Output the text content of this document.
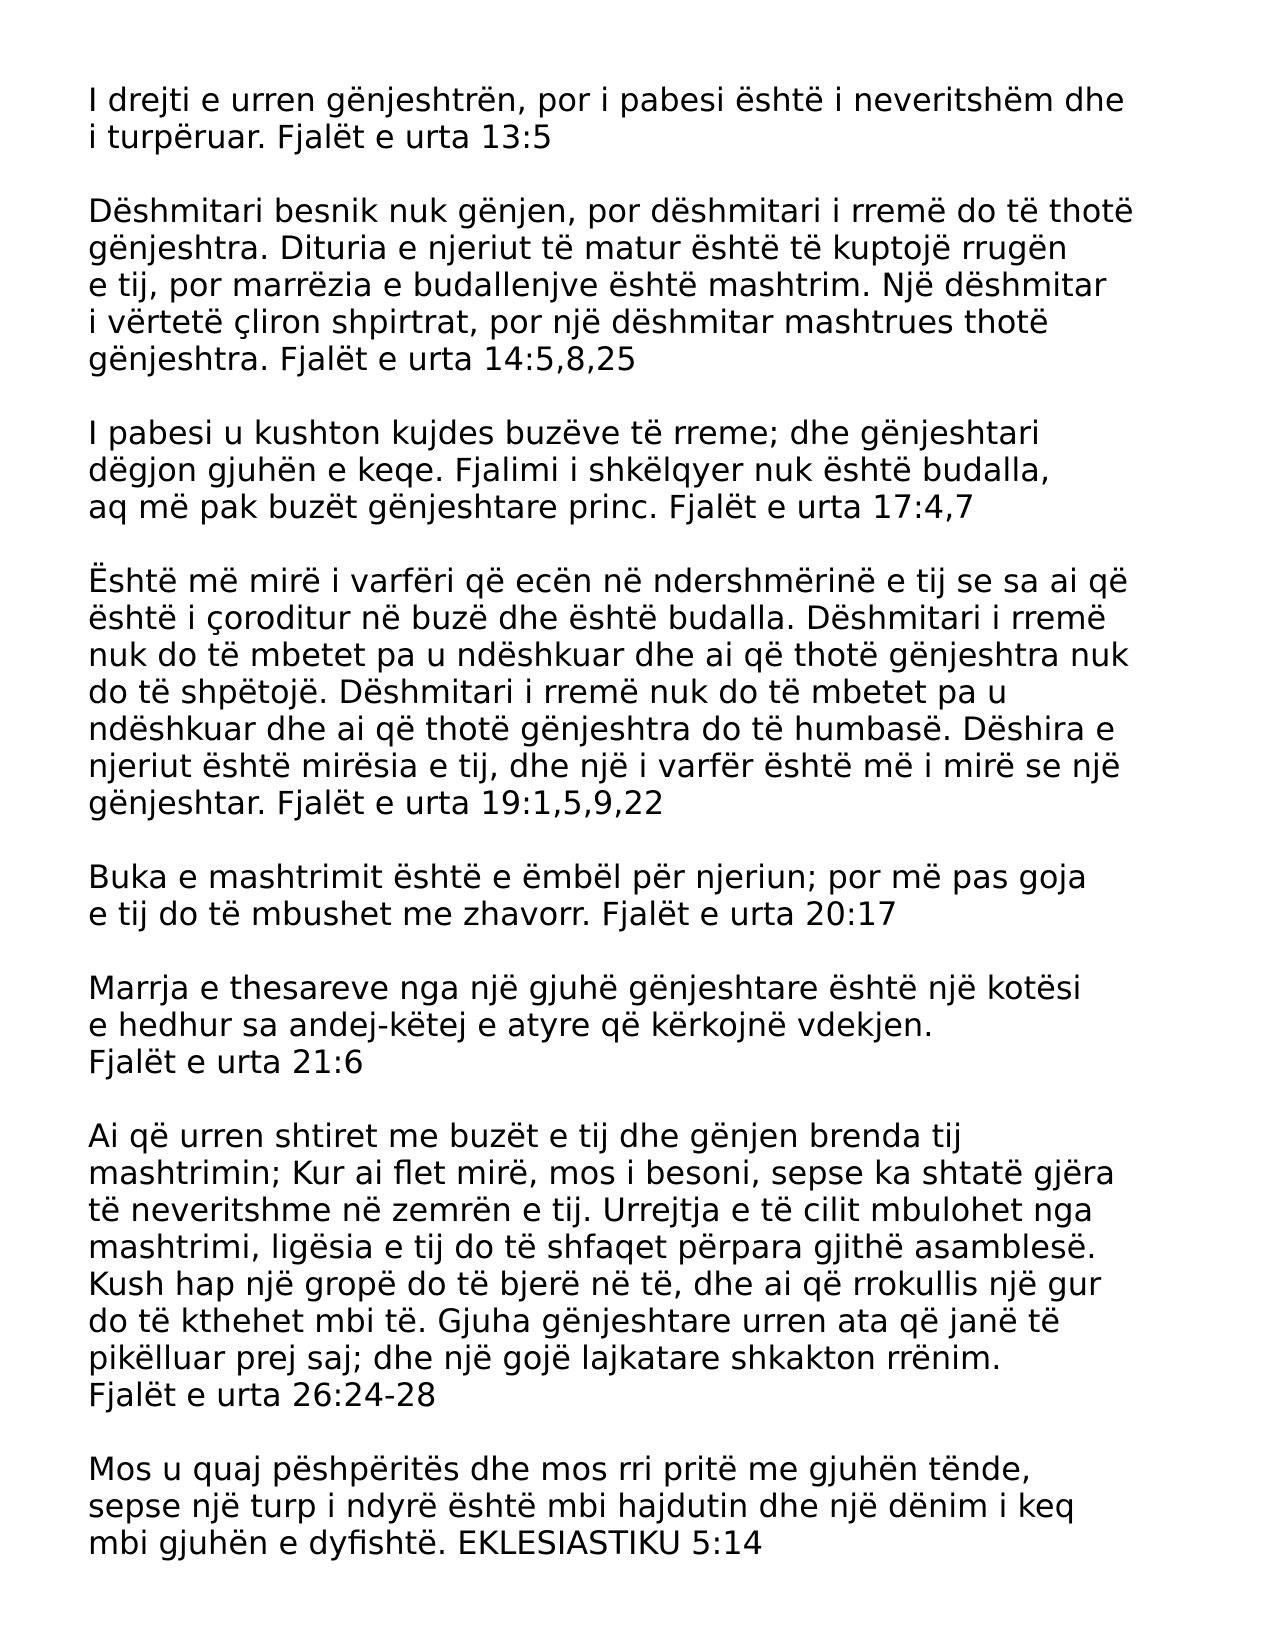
I drejti e urren gënjeshtrën, por i pabesi është i neveritshëm dhe
i turpëruar. Fjalët e urta 13:5
Dëshmitari besnik nuk gënjen, por dëshmitari i rremë do të thotë
gënjeshtra. Dituria e njeriut të matur është të kuptojë rrugën
e tij, por marrëzia e budallenjve është mashtrim. Një dëshmitar
i vërtetë çliron shpirtrat, por një dëshmitar mashtrues thotë
gënjeshtra. Fjalët e urta 14:5,8,25
I pabesi u kushton kujdes buzëve të rreme; dhe gënjeshtari
dëgjon gjuhën e keqe. Fjalimi i shkëlqyer nuk është budalla,
aq më pak buzët gënjeshtare princ. Fjalët e urta 17:4,7
Është më mirë i varfëri që ecën në ndershmërinë e tij se sa ai që
është i çoroditur në buzë dhe është budalla. Dëshmitari i rremë
nuk do të mbetet pa u ndëshkuar dhe ai që thotë gënjeshtra nuk
do të shpëtojë. Dëshmitari i rremë nuk do të mbetet pa u
ndëshkuar dhe ai që thotë gënjeshtra do të humbasë. Dëshira e
njeriut është mirësia e tij, dhe një i varfër është më i mirë se një
gënjeshtar. Fjalët e urta 19:1,5,9,22
Buka e mashtrimit është e ëmbël për njeriun; por më pas goja
e tij do të mbushet me zhavorr. Fjalët e urta 20:17
Marrja e thesareve nga një gjuhë gënjeshtare është një kotësi
e hedhur sa andej-këtej e atyre që kërkojnë vdekjen.
Fjalët e urta 21:6
Ai që urren shtiret me buzët e tij dhe gënjen brenda tij
mashtrimin; Kur ai flet mirë, mos i besoni, sepse ka shtatë gjëra
të neveritshme në zemrën e tij. Urrejtja e të cilit mbulohet nga
mashtrimi, ligësia e tij do të shfaqet përpara gjithë asamblesë.
Kush hap një gropë do të bjerë në të, dhe ai që rrokullis një gur
do të kthehet mbi të. Gjuha gënjeshtare urren ata që janë të
pikëlluar prej saj; dhe një gojë lajkatare shkakton rrënim.
Fjalët e urta 26:24-28
Mos u quaj pëshpëritës dhe mos rri pritë me gjuhën tënde,
sepse një turp i ndyrë është mbi hajdutin dhe një dënim i keq
mbi gjuhën e dyfishtë. EKLESIASTIKU 5:14
